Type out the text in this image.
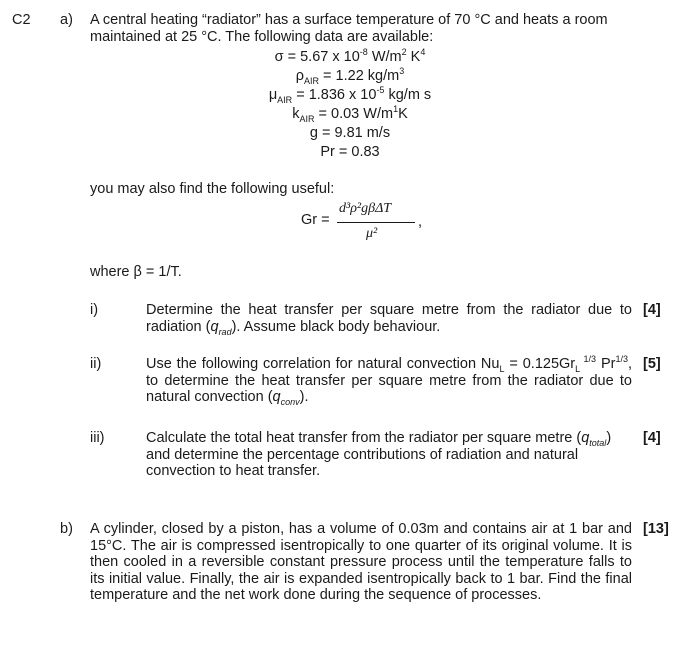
C2 a) A central heating “radiator” has a surface temperature of 70 °C and heats a room maintained at 25 °C. The following data are available:
σ = 5.67 x $10^{-8}$ $W/m^2$ $K^4$
$\rho_{AIR} = 1.22$ $kg/m^3$
$\mu_{AIR} = 1.836$ x $10^{-5}$ kg/m s
$k_{AIR} = 0.03$ $W/m^1K$
g = 9.81 m/s
Pr = 0.83
you may also find the following useful:
Gr =
d³ρ²gβΔT
μ²
,
where β = 1/T.
i)	Determine the heat transfer per square metre from the radiator due to radiation $(q_{rad})$. Assume black body behaviour.
[4]
ii)	Use the following correlation for natural convection $Nu_L = 0.125Gr_L$ $^{1/3}$ $Pr^{1/3}$, to determine the heat transfer per square metre from the radiator due to natural convection $(q_{conv})$.
[5]
iii)	Calculate the total heat transfer from the radiator per square metre $(q_{total})$ and determine the percentage contributions of radiation and natural convection to heat transfer.
[4]
b) A cylinder, closed by a piston, has a volume of 0.03m and contains air at 1 bar and 15°C. The air is compressed isentropically to one quarter of its original volume. It is then cooled in a reversible constant pressure process until the temperature falls to its initial value. Finally, the air is expanded isentropically back to 1 bar. Find the final temperature and the net work done during the sequence of processes.
[13]
